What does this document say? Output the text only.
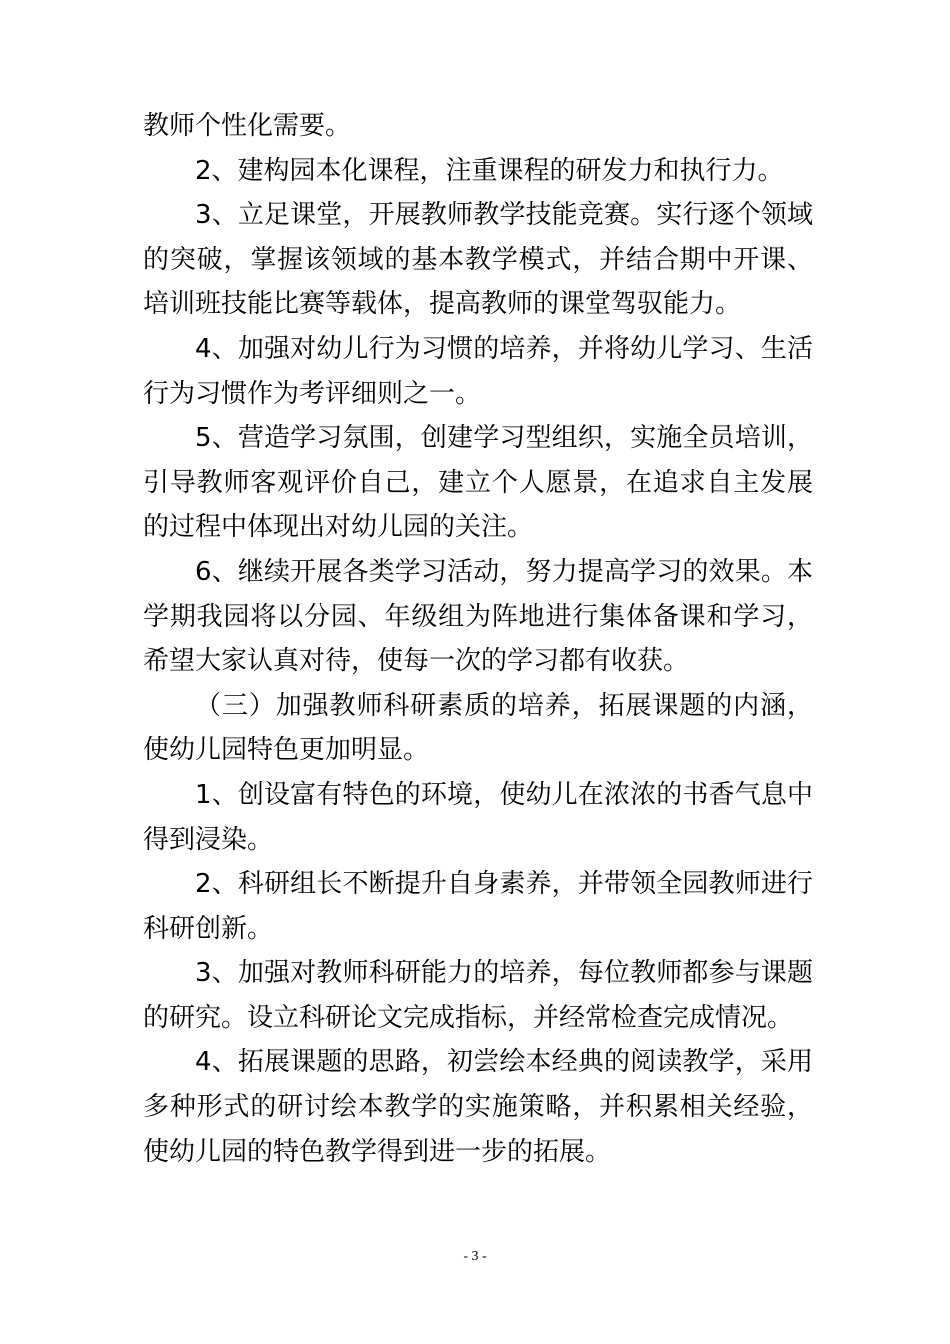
教师个性化需要。

2、建构园本化课程，注重课程的研发力和执行力。

3、立足课堂，开展教师教学技能竞赛。实行逐个领域的突破，掌握该领域的基本教学模式，并结合期中开课、培训班技能比赛等载体，提高教师的课堂驾驭能力。

4、加强对幼儿行为习惯的培养，并将幼儿学习、生活行为习惯作为考评细则之一。

5、营造学习氛围，创建学习型组织，实施全员培训，引导教师客观评价自己，建立个人愿景，在追求自主发展的过程中体现出对幼儿园的关注。

6、继续开展各类学习活动，努力提高学习的效果。本学期我园将以分园、年级组为阵地进行集体备课和学习，希望大家认真对待，使每一次的学习都有收获。

（三）加强教师科研素质的培养，拓展课题的内涵，使幼儿园特色更加明显。

1、创设富有特色的环境，使幼儿在浓浓的书香气息中得到浸染。

2、科研组长不断提升自身素养，并带领全园教师进行科研创新。

3、加强对教师科研能力的培养，每位教师都参与课题的研究。设立科研论文完成指标，并经常检查完成情况。

4、拓展课题的思路，初尝绘本经典的阅读教学，采用多种形式的研讨绘本教学的实施策略，并积累相关经验，使幼儿园的特色教学得到进一步的拓展。

- 3 -
